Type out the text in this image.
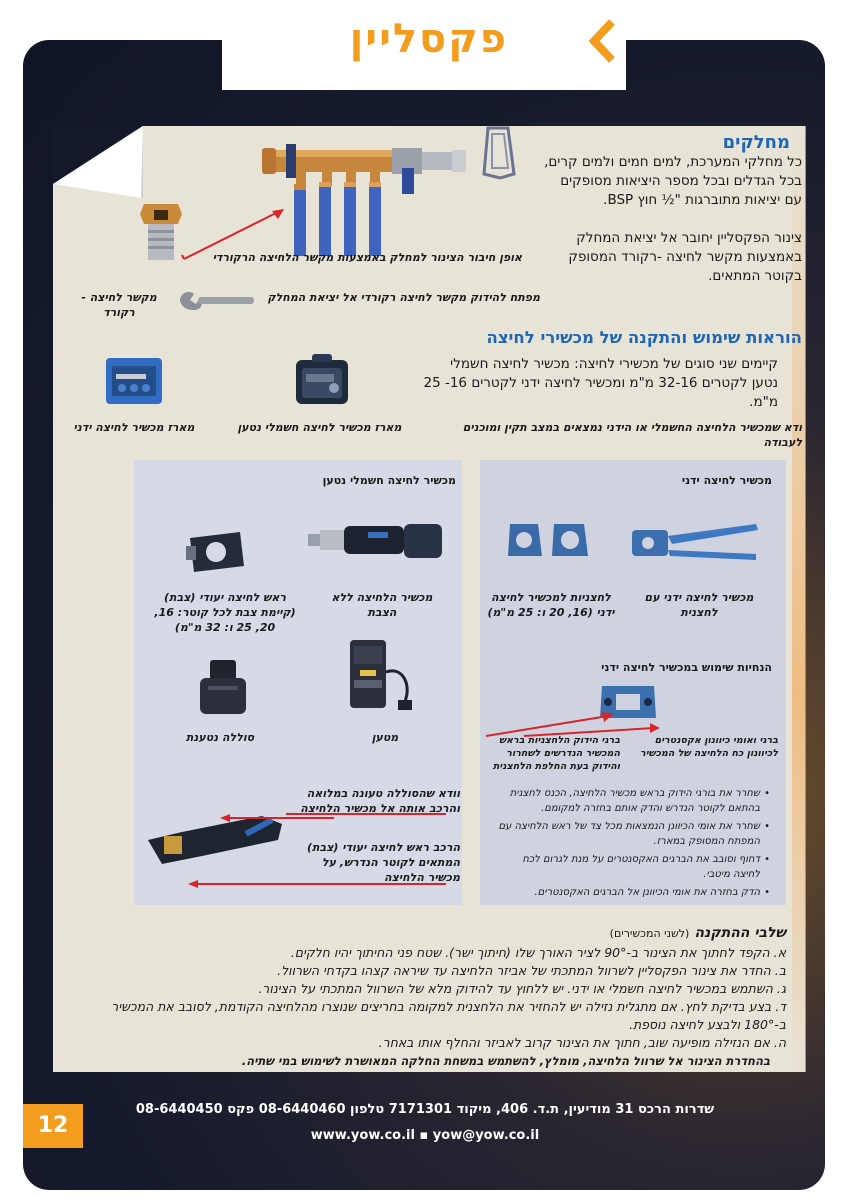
פקסליין
מחלקים
כל מחלקי המערכת, למים חמים ולמים קרים, בכל הגדלים ובכל מספר היציאות מסופקים עם יציאות מתוברגות "½ חוץ BSP.
צינור הפקסליין יחובר אל יציאת המחלק באמצעות מקשר לחיצה -רקורד המסופק בקוטר המתאים.
אופן חיבור הצינור למחלק באמצעות מקשר הלחיצה הרקורדי
מפתח להידוק מקשר לחיצה רקורדי אל יציאת המחלק
מקשר לחיצה - רקורד
הוראות שימוש והתקנה של מכשירי לחיצה
קיימים שני סוגים של מכשירי לחיצה: מכשיר לחיצה חשמלי נטען לקטרים 32-16 מ"מ ומכשיר לחיצה ידני לקטרים 16- 25 מ"מ.
מארז מכשיר לחיצה חשמלי נטען
מארז מכשיר לחיצה ידני	ודא שמכשיר הלחיצה החשמלי או הידני נמצאים במצב תקין ומוכנים לעבודה
מכשיר לחיצה חשמלי נטען
מכשיר הלחיצה ללא הצבת
ראש לחיצה יעודי (צבת) (קיימת צבת לכל קוטר: 16, 20, 25 ו: 32 מ"מ)
מטען
סוללה נטענת
וודא שהסוללה טעונה במלואה והרכב אותה אל מכשיר הלחיצה
הרכב ראש לחיצה יעודי (צבת) המתאים לקוטר הנדרש, על מכשיר הלחיצה
מכשיר לחיצה ידני
מכשיר לחיצה ידני עם לחצנית
לחצניות למכשיר לחיצה ידני (16, 20 ו: 25 מ"מ)
הנחיות שימוש במכשיר לחיצה ידני
ברגי ואומי כיוונון אקסנטרים לכיוונון כח הלחיצה של המכשיר
ברגי הידוק הלחצניות בראש המכשיר הנדרשים לשחרור והידוק בעת החלפת הלחצנית
• שחרר את בורגי הידוק בראש מכשיר הלחיצה, הכנס לחצנית בהתאם לקוטר הנדרש והדק אותם בחזרה למקומם.
• שחרר את אומי הכיוונן הנמצאות מכל צד של ראש הלחיצה עם המפתח המסופק במארז.
• דחוף וסובב את הברגים האקסנטרים על מנת לגרום לכח לחיצה מיטבי.
• הדק בחזרה את אומי הכיוונן אל הברגים האקסנטרים.
שלבי ההתקנה (לשני המכשירים)

א. הקפד לחתוך את הצינור ב-90° לציר האורך שלו (חיתוך ישר). שטח פני החיתוך יהיו חלקים.

ב. החדר את צינור הפקסליין לשרוול המתכתי של אביזר הלחיצה עד שיראה קצהו בקדחי השרוול.

ג. השתמש במכשיר לחיצה חשמלי או ידני. יש ללחוץ עד להידוק מלא של השרוול המתכתי על הצינור.

ד. בצע בדיקת לחץ. אם מתגלית נזילה יש להחזיר את הלחצנית למקומה בחריצים שנוצרו מהלחיצה הקודמת, לסובב את המכשיר ב-180° ולבצע לחיצה נוספת.

ה. אם הנזילה מופיעה שוב, חתוך את הצינור קרוב לאביזר והחלף אותו באחר.

בהחדרת הצינור אל שרוול הלחיצה, מומלץ, להשתמש במשחת החלקה המאושרת לשימוש במי שתיה.

שדרות הרכס 31 מודיעין, ת.ד. 406, מיקוד 7171301 טלפון 08-6440460 פקס 08-6440450
www.yow.co.il ▪ yow@yow.co.il
12
